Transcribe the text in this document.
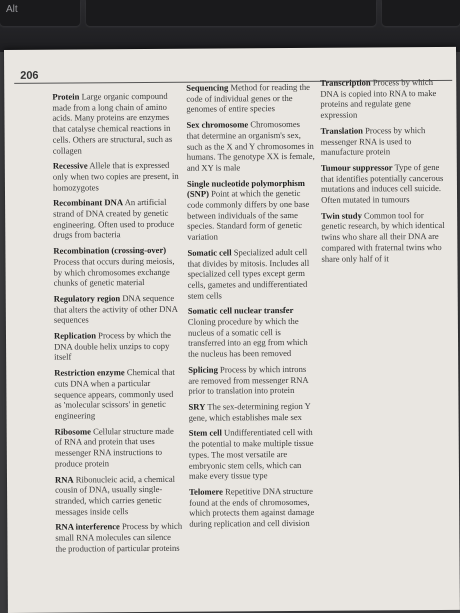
Alt
206
Protein Large organic compound made from a long chain of amino acids. Many proteins are enzymes that catalyse chemical reactions in cells. Others are structural, such as collagen
Recessive Allele that is expressed only when two copies are present, in homozygotes
Recombinant DNA An artificial strand of DNA created by genetic engineering. Often used to produce drugs from bacteria
Recombination (crossing-over) Process that occurs during meiosis, by which chromosomes exchange chunks of genetic material
Regulatory region DNA sequence that alters the activity of other DNA sequences
Replication Process by which the DNA double helix unzips to copy itself
Restriction enzyme Chemical that cuts DNA when a particular sequence appears, commonly used as 'molecular scissors' in genetic engineering
Ribosome Cellular structure made of RNA and protein that uses messenger RNA instructions to produce protein
RNA Ribonucleic acid, a chemical cousin of DNA, usually single-stranded, which carries genetic messages inside cells
RNA interference Process by which small RNA molecules can silence the production of particular proteins
Sequencing Method for reading the code of individual genes or the genomes of entire species
Sex chromosome Chromosomes that determine an organism's sex, such as the X and Y chromosomes in humans. The genotype XX is female, and XY is male
Single nucleotide polymorphism (SNP) Point at which the genetic code commonly differs by one base between individuals of the same species. Standard form of genetic variation
Somatic cell Specialized adult cell that divides by mitosis. Includes all specialized cell types except germ cells, gametes and undifferentiated stem cells
Somatic cell nuclear transfer Cloning procedure by which the nucleus of a somatic cell is transferred into an egg from which the nucleus has been removed
Splicing Process by which introns are removed from messenger RNA prior to translation into protein
SRY The sex-determining region Y gene, which establishes male sex
Stem cell Undifferentiated cell with the potential to make multiple tissue types. The most versatile are embryonic stem cells, which can make every tissue type
Telomere Repetitive DNA structure found at the ends of chromosomes, which protects them against damage during replication and cell division
Transcription Process by which DNA is copied into RNA to make proteins and regulate gene expression
Translation Process by which messenger RNA is used to manufacture protein
Tumour suppressor Type of gene that identifies potentially cancerous mutations and induces cell suicide. Often mutated in tumours
Twin study Common tool for genetic research, by which identical twins who share all their DNA are compared with fraternal twins who share only half of it
